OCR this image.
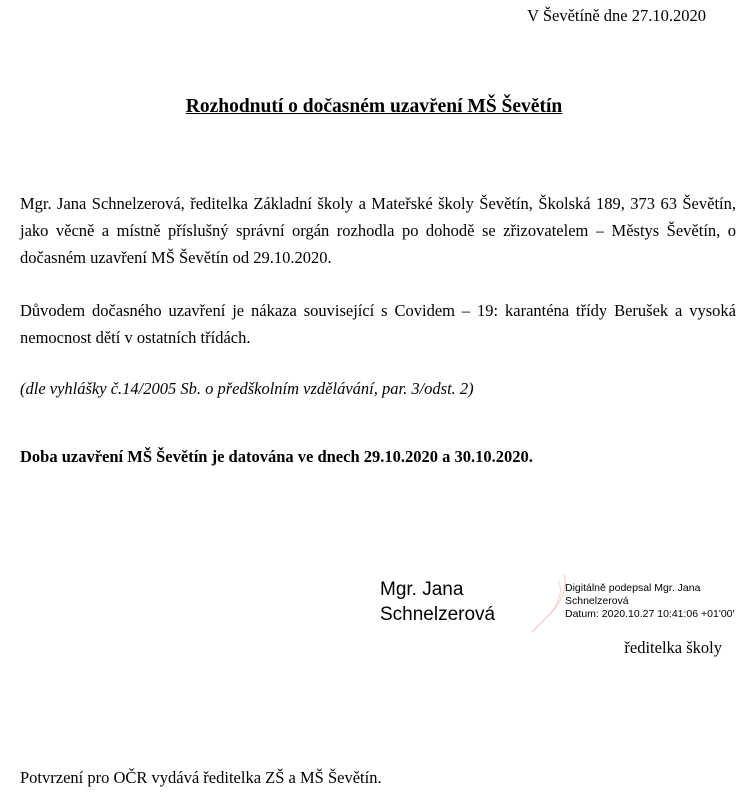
V Ševětíně dne 27.10.2020
Rozhodnutí o dočasném uzavření MŠ Ševětín

Mgr. Jana Schnelzerová, ředitelka Základní školy a Mateřské školy Ševětín, Školská 189, 373 63 Ševětín, jako věcně a místně příslušný správní orgán rozhodla po dohodě se zřizovatelem – Městys Ševětín, o dočasném uzavření MŠ Ševětín od 29.10.2020.

Důvodem dočasného uzavření je nákaza související s Covidem – 19: karanténa třídy Berušek a vysoká nemocnost dětí v ostatních třídách.

(dle vyhlášky č.14/2005 Sb. o předškolním vzdělávání, par. 3/odst. 2)

Doba uzavření MŠ Ševětín je datována ve dnech 29.10.2020 a 30.10.2020.

Mgr. Jana
Schnelzerová
Digitálně podepsal Mgr. Jana
Schnelzerová
Datum: 2020.10.27 10:41:06 +01'00'
ředitelka školy
Potvrzení pro OČR vydává ředitelka ZŠ a MŠ Ševětín.
